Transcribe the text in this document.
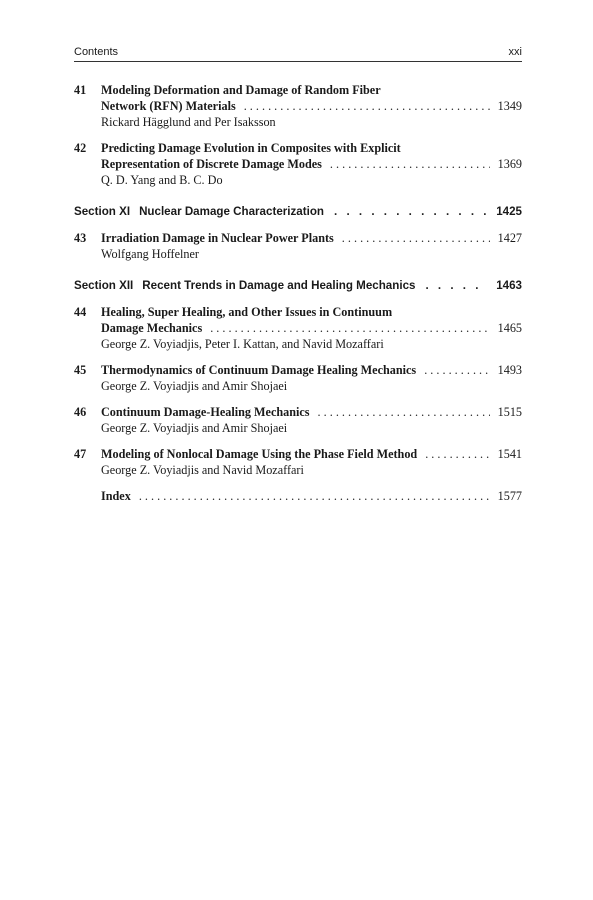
Contents	xxi
41	Modeling Deformation and Damage of Random Fiber
Network (RFN) Materials . . .	1349
Rickard Hägglund and Per Isaksson
42	Predicting Damage Evolution in Composites with Explicit
Representation of Discrete Damage Modes . . .	1369
Q. D. Yang and B. C. Do
Section XI Nuclear Damage Characterization . . .	1425
43	Irradiation Damage in Nuclear Power Plants . . .	1427
Wolfgang Hoffelner
Section XII Recent Trends in Damage and Healing Mechanics . . .	1463
44	Healing, Super Healing, and Other Issues in Continuum
Damage Mechanics . . .	1465
George Z. Voyiadjis, Peter I. Kattan, and Navid Mozaffari
45	Thermodynamics of Continuum Damage Healing Mechanics . . .	1493
George Z. Voyiadjis and Amir Shojaei
46	Continuum Damage-Healing Mechanics . . .	1515
George Z. Voyiadjis and Amir Shojaei
47	Modeling of Nonlocal Damage Using the Phase Field Method . . .	1541
George Z. Voyiadjis and Navid Mozaffari
Index . . .	1577
